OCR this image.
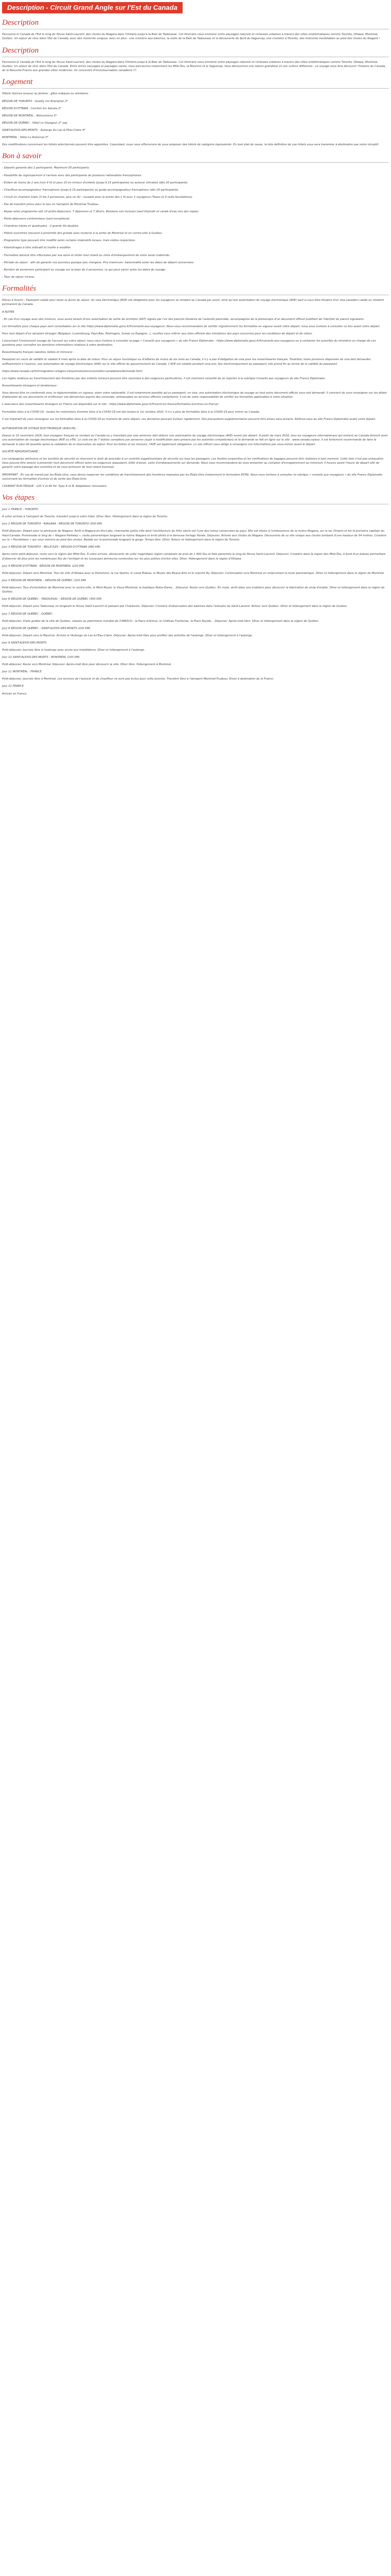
Description - Circuit Grand Angle sur l'Est du Canada
Description

Parcourez le Canada de l'Est le long du fleuve Saint-Laurent, des chutes du Niagara dans l'Ontario jusqu'à la Baie de Tadoussac. Cet itinéraire vous emmène entre paysages naturels et richesses urbaines à travers des villes emblématiques comme Toronto, Ottawa, Montréal, Québec. Un séjour de rêve dans l'Est du Canada, avec des moments uniques, avec en plus : une croisière aux baleines, la visite de la Baie de Tadoussac et la découverte du fjord du Saguenay, une croisière à Toronto, des moments inoubliables au pied des chutes du Niagara !

Description

Parcourez le Canada de l'Est le long du fleuve Saint-Laurent, des chutes du Niagara dans l'Ontario jusqu'à la Baie de Tadoussac. Cet itinéraire vous emmène entre paysages naturels et richesses urbaines à travers des villes emblématiques comme Toronto, Ottawa, Montréal, Québec. Un séjour de rêve dans l'Est du Canada. Entre terres sauvages et paysages variés, vous parcourrez notamment les Mille-Îles, la Mauricie et le Saguenay. Vous découvrirez une nature grandiose et une culture différente : ce voyage vous fera découvrir l'histoire du Canada, de la Nouvelle-France aux grandes villes modernes. Un concentré d'incontournables canadiens !!!

Logement

Hôtels (termes locaux) au Jérôme - gîtes indiqués ou similaires :

RÉGION DE TORONTO : Quality Inn Brampton 2*

RÉGION D'OTTAWA : Comfort Inn Kanata 2*

RÉGION DE MONTRÉAL : Welcominns 3*

RÉGION DE QUÉBEC : Hôtel Le Voyageur 2* sup

SAINT-ALEXIS-DES-MONTS : Auberge Du Lac-à-l'Eau-Claire 4*

MONTRÉAL : Hôtel Le Roberval 3*

Des modifications concernant les hôtels sélectionnés peuvent être apportées. Cependant, nous nous efforcerons de vous proposer des hôtels de catégorie équivalente. En tout état de cause, la liste définitive de vos hôtels vous sera transmise à destination par notre réceptif.

Bon à savoir

- Départs garantis dès 2 participants. Maximum 50 participants.

- Possibilité de regroupement à l'arrivée avec des participants de plusieurs nationalités francophones.

- Enfant de moins de 2 ans (non 4 lit et pour 10 en mineur d'enfant) (jusqu'à 15 participants) ou autocar climatisé (dès 20 participants).

- Chauffeur-accompagnateur francophone (jusqu'à 19 participants) ou guide-accompagnateur francophone (dès 20 participants).

- Circuit en chambre triple (3 lits 2 personnes, plus un lit) - excepté pour la soirée des 1 lit avec 2 voyageurs (Taxes et 4 nuits facultatives).

- Pas de transfert prévu pour le tour et l'aéroport de Montréal Trudeau.

- Repas selon programme soit 10 petits-déjeuners, 7 déjeuners et 7 dîners. Boissons non incluses (sauf thé/café et carafe d'eau lors des repas).

- Petits-déjeuners continentaux (sauf exceptions).

- Chambres triples et quadruples : 2 grands lits doubles.

- Hôtels excentrés (souvent à proximité des grands axes routiers) à la sortie de Montréal et en centre-ville à Québec.

- Programme type pouvant être modifié selon certains impératifs locaux, mais visites respectées.

- Kilométrages à titre indicatif et inutile à modifier.

- Formalités doivent être effectuées par vos soins et éviter tout retard ou refus d'embarquement de votre avion inattendu.

- Période du séjour : afin de garantir vos journées quelque peu chargées. Prix maximum: Saisonnalité selon les dates de départ concernées.

- Nombre de personnes participant au voyage sur la base de 2 personnes, ce qui peut varier selon les dates du voyage.

- Taxe de séjour incluse.

Formalités

Pièces à fournir : Passeport valide pour toute la durée du séjour. Un visa électronique (AVE) est obligatoire pour les voyageurs se rendant au Canada par avion, ainsi qu'une autorisation de voyage électronique (AVE) sauf si vous êtes titulaire d'un visa canadien valide ou résident permanent du Canada.

A NOTER

- En cas d'un voyage avec des mineurs, vous aurez besoin d'une autorisation de sortie du territoire (AST) signée par l'un des parents titulaires de l'autorité parentale, accompagnée de la photocopie d'un document officiel justifiant de l'identité du parent signataire.

Les formalités pour chaque pays sont consultables sur le site https://www.diplomatie.gouv.fr/fr/conseils-aux-voyageurs. Nous vous recommandons de vérifier régulièrement les formalités en vigueur avant votre départ, nous vous invitons à consulter ce lien avant votre départ.

Pour tout départ d'un aéroport étranger (Belgique, Luxembourg, Pays-Bas, Allemagne, Suisse ou Espagne...), veuillez vous référer aux sites officiels des ministères des pays concernés pour les conditions de départ et de retour.

Concernant l'événement voyage de l'accueil sur votre séjour, nous vous invitons à consulter la page « Conseils aux voyageurs » du site France Diplomatie : https://www.diplomatie.gouv.fr/fr/conseils-aux-voyageurs ou à contacter les autorités du ministère en charge de ces questions pour connaître les dernières informations relatives à votre destination.

Ressortissants français (adultes, bébés et mineurs) :

Passeport en cours de validité et valable 6 mois après la date de retour. Pour un séjour touristique ou d'affaires de moins de six mois au Canada, il n'y a pas d'obligation de visa pour les ressortissants français. Toutefois, toute personne dispensée de visa doit demander, suffisamment à l'avance, une autorisation de voyage électronique (AVE) sur le site officiel du gouvernement du Canada. L'AVE est valable pendant cinq ans, liée électroniquement au passeport, elle prend fin au terme de la validité du passeport.

https://www.canada.ca/fr/immigration-refugies-citoyennete/services/visiter-canada/ave/demande.html

Les règles relatives au franchissement des frontières par des enfants mineurs peuvent être soumises à des exigences particulières. Il est vivement conseillé de se reporter à la rubrique Conseils aux voyageurs du site France Diplomatie.

Ressortissants étrangers et binationaux :

Vous devrez être en conformité avec la réglementation en vigueur, selon votre nationalité. Il est notamment possible qu'un passeport, un visa, une autorisation électronique de voyage ou tout autre document officiel vous soit demandé. Il convient de vous renseigner sur les délais d'obtention de ces documents et d'effectuer vos démarches auprès des consulats, ambassades ou services officiels compétents. Il est de votre responsabilité de vérifier les formalités applicables à votre situation.

L'assurance des ressortissants étrangers en France est disponible sur le site : https://www.diplomatie.gouv.fr/fr/venir-en-france/formalites-d-entree-en-france/

Formalités liées à la COVID-19 : toutes les restrictions d'entrée liées à la COVID-19 ont été levées le 1er octobre 2022. Il n'y a plus de formalités liées à la COVID-19 pour entrer au Canada.

Il est impératif de vous renseigner sur les formalités liées à la COVID-19 au moment de votre départ, ces dernières pouvant évoluer rapidement. Des précautions supplémentaires peuvent être prises sans préavis. Référez-vous au site France Diplomatie avant votre départ.

AUTORISATION DE VOYAGE ÉLECTRONIQUE (AVE/eTA) :

Depuis le 10 novembre 2016, tout voyageur français se rendant au Canada ou y transitant par voie aérienne doit obtenir une autorisation de voyage électronique (AVE) avant son départ. À partir de mars 2016, tous les voyageurs internationaux qui entrent au Canada doivent avoir une autorisation de voyage électronique (AVE ou eTA). Le coût est de 7 dollars canadiens par personne (sujet à modification sans préavis par les autorités compétentes) et la demande se fait en ligne sur le site : www.canada.ca/ave. Il est fortement recommandé de faire la demande le plus tôt possible après la validation de la réservation du séjour. Pour les bébés et les mineurs, l'AVE est également obligatoire. Le site officiel vous oblige à renseigner ces informations par vous-même avant le départ.

SOCIÉTÉ AEROPORTUAIRE :

Les compagnies aériennes et les sociétés de sécurité se réservent le droit de procéder à un contrôle supplémentaire de sécurité sur tous les passagers. Les fouilles corporelles et les vérifications de bagages peuvent être réalisées à tout moment. Cette liste n'est pas exhaustive. Vous pouvez être amené à présenter tout document officiel selon les exigences (passeport, billet d'avion, carte d'embarquement) sur demande. Nous vous recommandons de vous présenter au comptoir d'enregistrement au minimum 3 heures avant l'heure de départ afin de garantir votre passage des contrôles et de vous prémunir de tout retard éventuel.

IMPORTANT : En cas de transit par les États-Unis, vous devez respecter les conditions de franchissement des frontières imposées par les États-Unis (notamment le formulaire ESTA). Nous vous invitons à consulter la rubrique « conseils aux voyageurs » du site France Diplomatie concernant les formalités d'entrée et de sortie des États-Unis.

COURANT ÉLECTRIQUE : 120 V et 60 Hz. Type A et B. Adaptateur nécessaire.

Vos étapes

Jour 1 FRANCE - TORONTO

À votre arrivée à l'aéroport de Toronto, transfert jusqu'à votre hôtel. Dîner libre. Hébergement dans la région de Toronto.

Jour 2 RÉGION DE TORONTO - NIAGARA - RÉGION DE TORONTO (300 KM)

Petit-déjeuner. Départ pour la péninsule de Niagara. Arrêt à Niagara-on-the-Lake, charmante petite ville dont l'architecture du XIXe siècle est l'une des mieux conservées au pays. Elle est située à l'embouchure de la rivière Niagara, sur le lac Ontario et fut la première capitale du Haut-Canada. Promenade le long de « Niagara Parkway », route panoramique longeant la rivière Niagara et arrêt photo à la fameuse horloge florale. Déjeuner. Arrivée aux chutes du Niagara. Découverte de ce site unique aux chutes tombant d'une hauteur de 54 mètres. Croisière sur le « Hornblower » qui vous mènera au pied des chutes. Balade sur la promenade longeant la gorge. Temps libre. Dîner. Retour et hébergement dans la région de Toronto.

Jour 3 RÉGION DE TORONTO - MILLE-ÎLES - RÉGION D'OTTAWA (480 KM)

Après votre petit-déjeuner, route vers la région des Mille-Îles. À votre arrivée, découverte de cette magnifique région composée de près de 1 800 îles et îlots parsemés le long du fleuve Saint-Laurent. Déjeuner. Croisière dans la région des Mille-Îles, à bord d'un bateau permettant d'observer de plus près les nombreuses îles de l'archipel et les luxueuses demeures construites sur les plus petites d'entre elles. Dîner. Hébergement dans la région d'Ottawa.

Jour 4 RÉGION D'OTTAWA - RÉGION DE MONTRÉAL (220 KM)

Petit-déjeuner. Départ vers Montréal. Tour de ville d'Ottawa avec le Parlement, la rue Sparks, le canal Rideau, le Musée des Beaux-Arts et le marché By. Déjeuner. Continuation vers Montréal en empruntant la route panoramique. Dîner et hébergement dans la région de Montréal.

Jour 5 RÉGION DE MONTRÉAL - RÉGION DE QUÉBEC (325 KM)

Petit-déjeuner. Tour d'orientation de Montréal avec le centre-ville, le Mont-Royal, le Vieux-Montréal, la basilique Notre-Dame... Déjeuner. Route vers Québec. En route, arrêt dans une érablière pour découvrir la fabrication du sirop d'érable. Dîner et hébergement dans la région de Québec.

Jour 6 RÉGION DE QUÉBEC - TADOUSSAC - RÉGION DE QUÉBEC (450 KM)

Petit-déjeuner. Départ pour Tadoussac en longeant le fleuve Saint-Laurent et passant par Charlevoix. Déjeuner. Croisière d'observation des baleines dans l'estuaire du Saint-Laurent. Retour vers Québec. Dîner et hébergement dans la région de Québec.

Jour 7 RÉGION DE QUÉBEC - QUÉBEC

Petit-déjeuner. Visite guidée de la ville de Québec, classée au patrimoine mondial de l'UNESCO : la Place d'Armes, le Château Frontenac, la Place Royale... Déjeuner. Après-midi libre. Dîner et hébergement dans la région de Québec.

Jour 8 RÉGION DE QUÉBEC - SAINT-ALEXIS-DES-MONTS (220 KM)

Petit-déjeuner. Départ vers la Mauricie. Arrivée à l'Auberge du Lac-à-l'Eau-Claire. Déjeuner. Après-midi libre pour profiter des activités de l'auberge. Dîner et hébergement à l'auberge.

Jour 9 SAINT-ALEXIS-DES-MONTS

Petit-déjeuner. Journée libre à l'auberge avec accès aux installations. Dîner et hébergement à l'auberge.

Jour 10 SAINT-ALEXIS-DES-MONTS - MONTRÉAL (150 KM)

Petit-déjeuner. Route vers Montréal. Déjeuner. Après-midi libre pour découvrir la ville. Dîner libre. Hébergement à Montréal.

Jour 11 MONTRÉAL - FRANCE

Petit-déjeuner. Journée libre à Montréal. Les services de l'autocar et du chauffeur ne sont pas inclus pour cette journée. Transfert libre à l'aéroport Montréal-Trudeau. Envol à destination de la France.

Jour 12 FRANCE

Arrivée en France.
